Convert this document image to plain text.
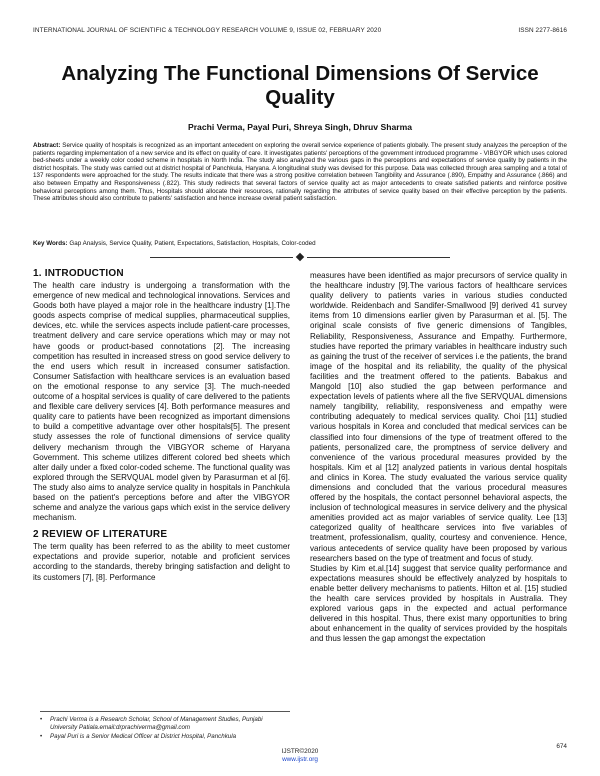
INTERNATIONAL JOURNAL OF SCIENTIFIC & TECHNOLOGY RESEARCH VOLUME 9, ISSUE 02, FEBRUARY 2020	ISSN 2277-8616
Analyzing The Functional Dimensions Of Service Quality
Prachi Verma, Payal Puri, Shreya Singh, Dhruv Sharma
Abstract: Service quality of hospitals is recognized as an important antecedent on exploring the overall service experience of patients globally. The present study analyzes the perception of the patients regarding implementation of a new service and its effect on quality of care. It investigates patients' perceptions of the government introduced programme - VIBGYOR which uses colored bed-sheets under a weekly color coded scheme in hospitals in North India. The study also analyzed the various gaps in the perceptions and expectations of service quality by patients in the district hospitals. The study was carried out at district hospital of Panchkula, Haryana. A longitudinal study was devised for this purpose. Data was collected through area sampling and a total of 137 respondents were approached for the study. The results indicate that there was a strong positive correlation between Tangibility and Assurance (.890), Empathy and Assurance (.866) and also between Empathy and Responsiveness (.822). This study redirects that several factors of service quality act as major antecedents to create satisfied patients and reinforce positive behavioral perceptions among them. Thus, Hospitals should allocate their resources, rationally regarding the attributes of service quality based on their effective perception by the patients. These attributes should also contribute to patients' satisfaction and hence increase overall patient satisfaction.
Key Words: Gap Analysis, Service Quality, Patient, Expectations, Satisfaction, Hospitals, Color-coded
1. INTRODUCTION

The health care industry is undergoing a transformation with the emergence of new medical and technological innovations. Services and Goods both have played a major role in the healthcare industry [1].The goods aspects comprise of medical supplies, pharmaceutical supplies, devices, etc. while the services aspects include patient-care processes, treatment delivery and care service operations which may or may not have goods or product-based connotations [2]. The increasing competition has resulted in increased stress on good service delivery to the end users which result in increased consumer satisfaction. Consumer Satisfaction with healthcare services is an evaluation based on the emotional response to any service [3]. The much-needed outcome of a hospital services is quality of care delivered to the patients and flexible care delivery services [4]. Both performance measures and quality care to patients have been recognized as important dimensions to build a competitive advantage over other hospitals[5]. The present study assesses the role of functional dimensions of service quality delivery mechanism through the VIBGYOR scheme of Haryana Government. This scheme utilizes different colored bed sheets which alter daily under a fixed color-coded scheme. The functional quality was explored through the SERVQUAL model given by Parasurman et al [6]. The study also aims to analyze service quality in hospitals in Panchkula based on the patient's perceptions before and after the VIBGYOR scheme and analyze the various gaps which exist in the service delivery mechanism.

2 REVIEW OF LITERATURE

The term quality has been referred to as the ability to meet customer expectations and provide superior, notable and proficient services according to the standards, thereby bringing satisfaction and delight to its customers [7], [8]. Performance

measures have been identified as major precursors of service quality in the healthcare industry [9].The various factors of healthcare services quality delivery to patients varies in various studies conducted worldwide. Reidenbach and Sandifer-Smallwood [9] derived 41 survey items from 10 dimensions earlier given by Parasurman et al. [5]. The original scale consists of five generic dimensions of Tangibles, Reliability, Responsiveness, Assurance and Empathy. Furthermore, studies have reported the primary variables in healthcare industry such as gaining the trust of the receiver of services i.e the patients, the brand image of the hospital and its reliability, the quality of the physical facilities and the treatment offered to the patients. Babakus and Mangold [10] also studied the gap between performance and expectation levels of patients where all the five SERVQUAL dimensions namely tangibility, reliability, responsiveness and empathy were contributing adequately to medical services quality. Choi [11] studied various hospitals in Korea and concluded that medical services can be classified into four dimensions of the type of treatment offered to the patients, personalized care, the promptness of service delivery and convenience of the various procedural measures provided by the hospitals. Kim et al [12] analyzed patients in various dental hospitals and clinics in Korea. The study evaluated the various service quality dimensions and concluded that the various procedural measures offered by the hospitals, the contact personnel behavioral aspects, the inclusion of technological measures in service delivery and the physical amenities provided act as major variables of service quality. Lee [13] categorized quality of healthcare services into five variables of treatment, professionalism, quality, courtesy and convenience. Hence, various antecedents of service quality have been proposed by various researchers based on the type of treatment and focus of study.

Studies by Kim et.al.[14] suggest that service quality performance and expectations measures should be effectively analyzed by hospitals to enable better delivery mechanisms to patients. Hilton et al. [15] studied the health care services provided by hospitals in Australia. They explored various gaps in the expected and actual performance delivered in this hospital. Thus, there exist many opportunities to bring about enhancement in the quality of services provided by the hospitals and thus lessen the gap amongst the expectation

• Prachi Verma is a Research Scholar, School of Management Studies, Punjabi University Patiala.email:drprachiverma@gmail.com
• Payal Puri is a Senior Medical Officer at District Hospital, Panchkula
674
IJSTR©2020
www.ijstr.org
